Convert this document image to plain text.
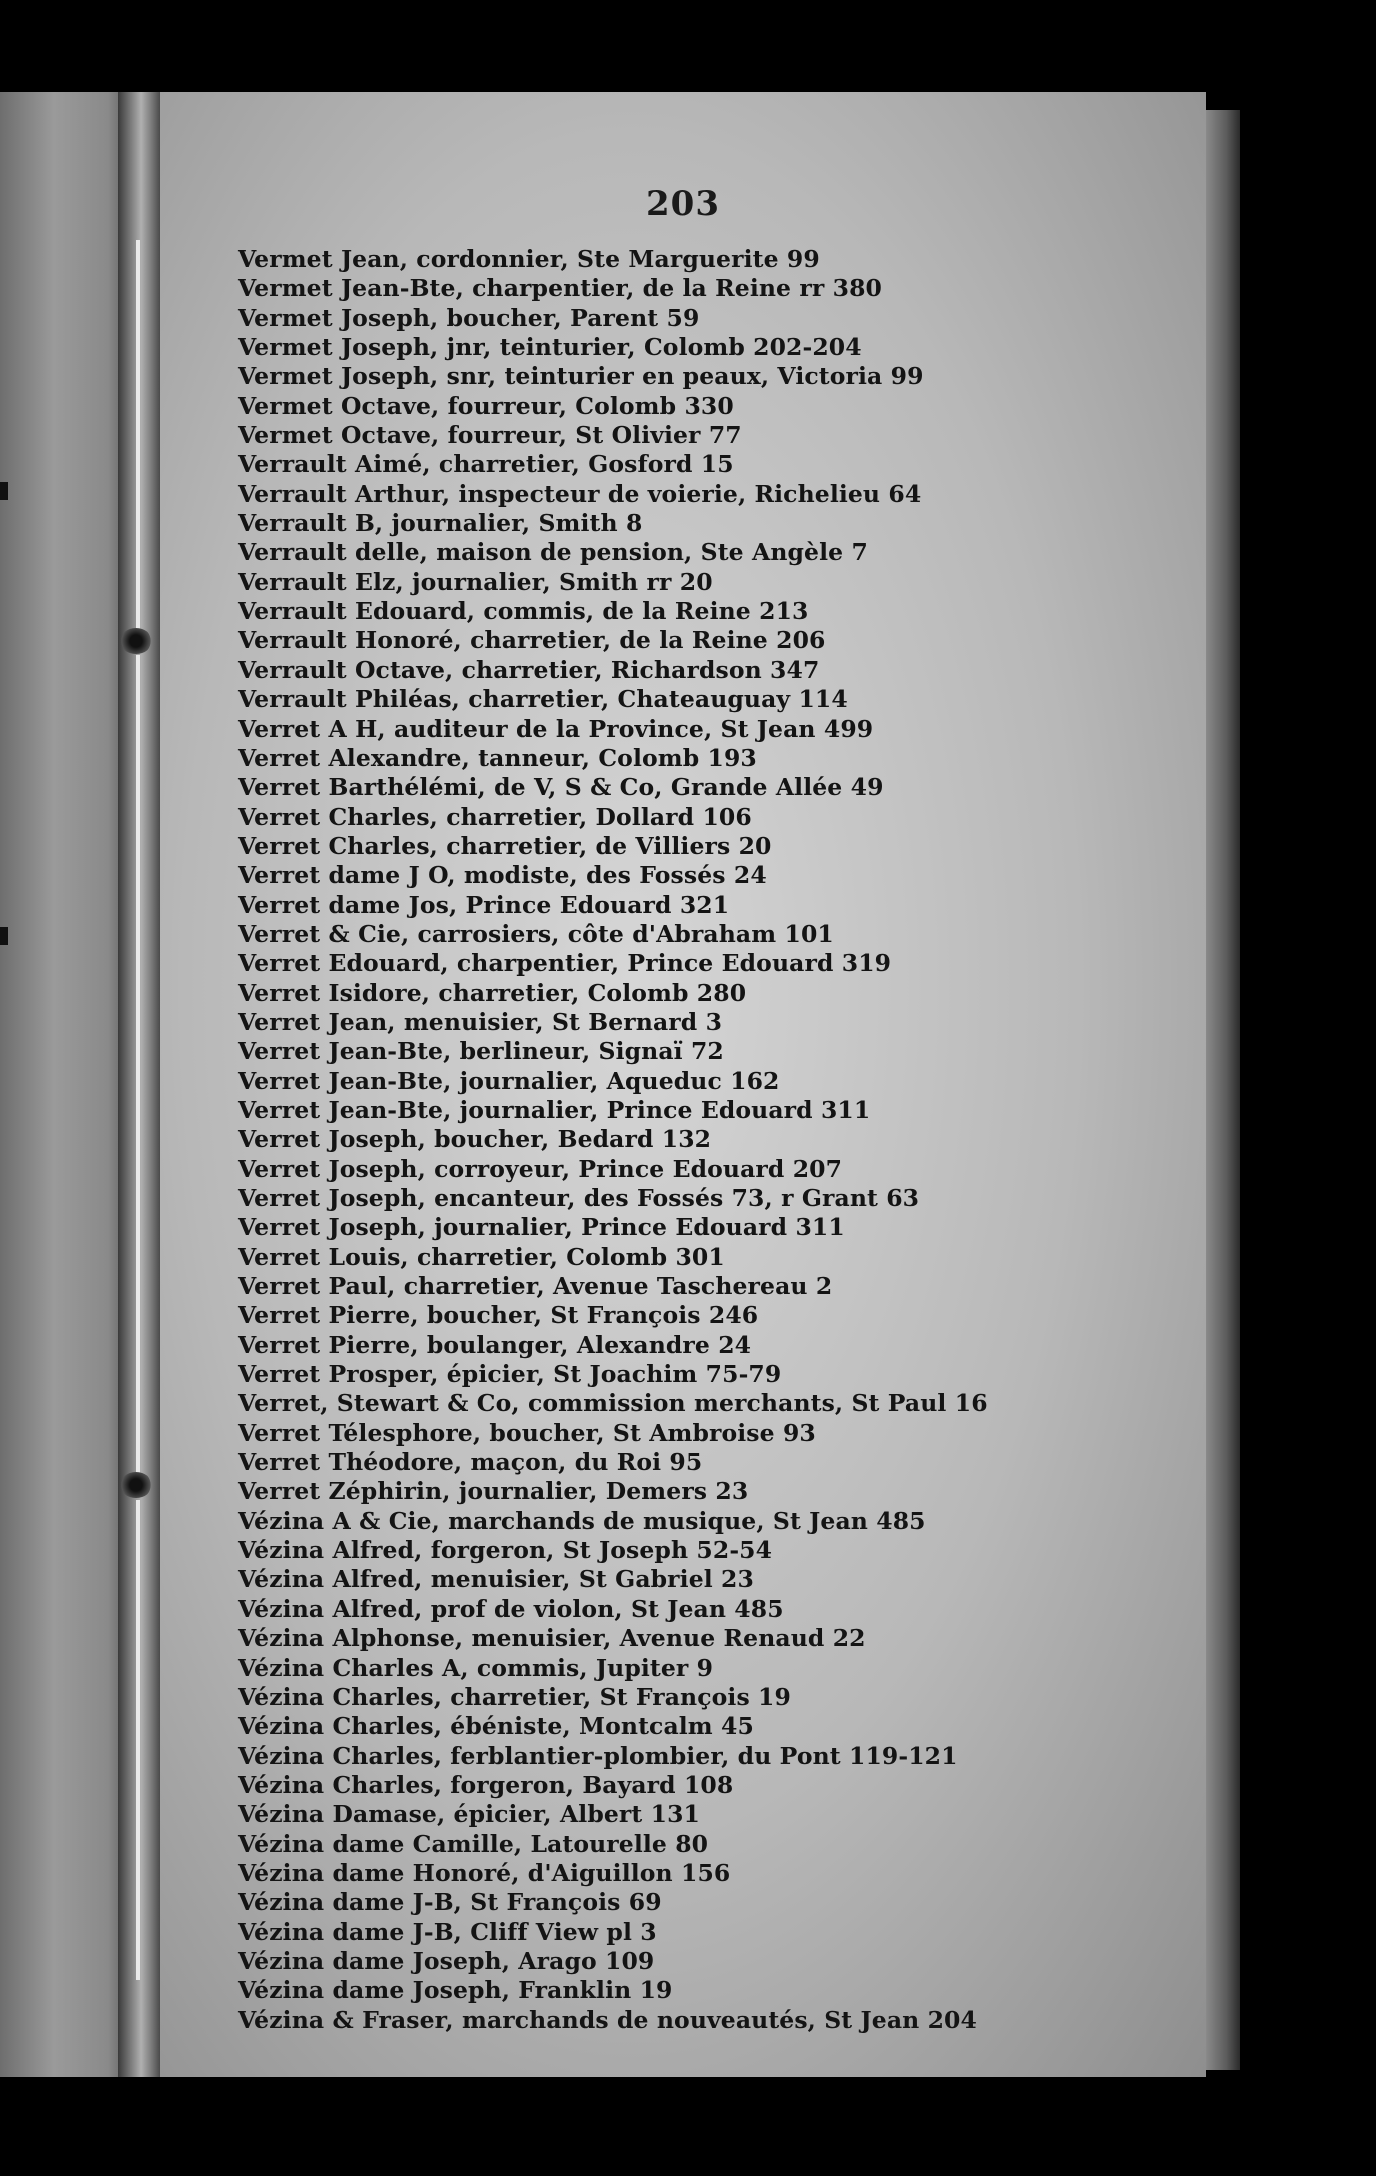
203
Vermet Jean, cordonnier, Ste Marguerite 99
Vermet Jean-Bte, charpentier, de la Reine rr 380
Vermet Joseph, boucher, Parent 59
Vermet Joseph, jnr, teinturier, Colomb 202-204
Vermet Joseph, snr, teinturier en peaux, Victoria 99
Vermet Octave, fourreur, Colomb 330
Vermet Octave, fourreur, St Olivier 77
Verrault Aimé, charretier, Gosford 15
Verrault Arthur, inspecteur de voierie, Richelieu 64
Verrault B, journalier, Smith 8
Verrault delle, maison de pension, Ste Angèle 7
Verrault Elz, journalier, Smith rr 20
Verrault Edouard, commis, de la Reine 213
Verrault Honoré, charretier, de la Reine 206
Verrault Octave, charretier, Richardson 347
Verrault Philéas, charretier, Chateauguay 114
Verret A H, auditeur de la Province, St Jean 499
Verret Alexandre, tanneur, Colomb 193
Verret Barthélémi, de V, S & Co, Grande Allée 49
Verret Charles, charretier, Dollard 106
Verret Charles, charretier, de Villiers 20
Verret dame J O, modiste, des Fossés 24
Verret dame Jos, Prince Edouard 321
Verret & Cie, carrosiers, côte d'Abraham 101
Verret Edouard, charpentier, Prince Edouard 319
Verret Isidore, charretier, Colomb 280
Verret Jean, menuisier, St Bernard 3
Verret Jean-Bte, berlineur, Signaï 72
Verret Jean-Bte, journalier, Aqueduc 162
Verret Jean-Bte, journalier, Prince Edouard 311
Verret Joseph, boucher, Bedard 132
Verret Joseph, corroyeur, Prince Edouard 207
Verret Joseph, encanteur, des Fossés 73, r Grant 63
Verret Joseph, journalier, Prince Edouard 311
Verret Louis, charretier, Colomb 301
Verret Paul, charretier, Avenue Taschereau 2
Verret Pierre, boucher, St François 246
Verret Pierre, boulanger, Alexandre 24
Verret Prosper, épicier, St Joachim 75-79
Verret, Stewart & Co, commission merchants, St Paul 16
Verret Télesphore, boucher, St Ambroise 93
Verret Théodore, maçon, du Roi 95
Verret Zéphirin, journalier, Demers 23
Vézina A & Cie, marchands de musique, St Jean 485
Vézina Alfred, forgeron, St Joseph 52-54
Vézina Alfred, menuisier, St Gabriel 23
Vézina Alfred, prof de violon, St Jean 485
Vézina Alphonse, menuisier, Avenue Renaud 22
Vézina Charles A, commis, Jupiter 9
Vézina Charles, charretier, St François 19
Vézina Charles, ébéniste, Montcalm 45
Vézina Charles, ferblantier-plombier, du Pont 119-121
Vézina Charles, forgeron, Bayard 108
Vézina Damase, épicier, Albert 131
Vézina dame Camille, Latourelle 80
Vézina dame Honoré, d'Aiguillon 156
Vézina dame J-B, St François 69
Vézina dame J-B, Cliff View pl 3
Vézina dame Joseph, Arago 109
Vézina dame Joseph, Franklin 19
Vézina & Fraser, marchands de nouveautés, St Jean 204
